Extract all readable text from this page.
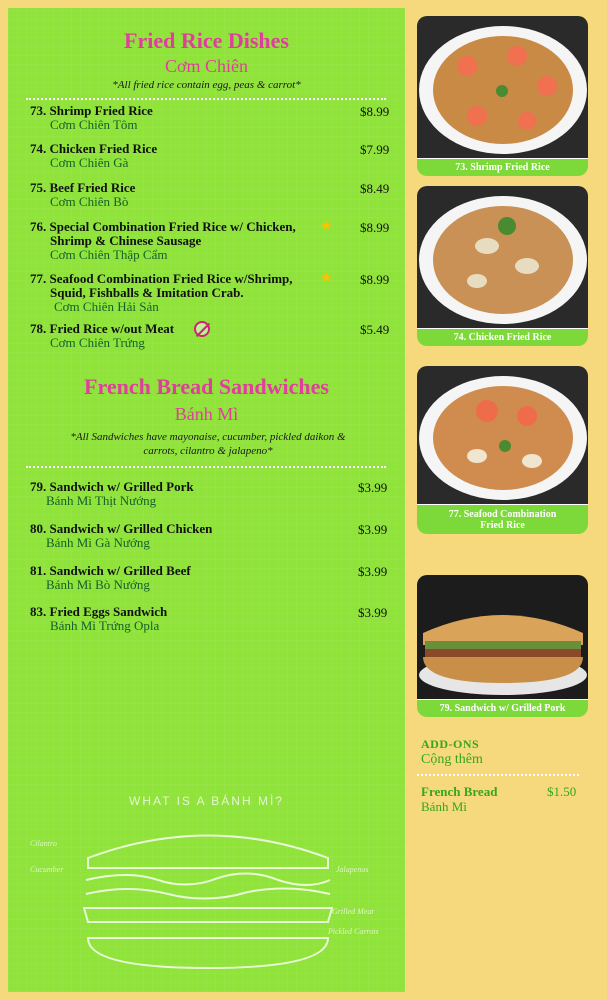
Fried Rice Dishes
Cơm Chiên
*All fried rice contain egg, peas & carrot*
73. Shrimp Fried Rice
Cơm Chiên Tôm
$8.99
74. Chicken Fried Rice
Cơm Chiên Gà
$7.99
75. Beef Fried Rice
Cơm Chiên Bò
$8.49
76. Special Combination Fried Rice w/ Chicken,
Shrimp & Chinese Sausage
Cơm Chiên Thập Cẩm
★ $8.99
77. Seafood Combination Fried Rice w/Shrimp,
Squid, Fishballs & Imitation Crab.
Cơm Chiên Hải Sản
★ $8.99
78. Fried Rice w/out Meat
Cơm Chiên Trứng
$5.49
French Bread Sandwiches
Bánh Mì
*All Sandwiches have mayonaise, cucumber, pickled daikon &
carrots, cilantro & jalapeno*
79. Sandwich w/ Grilled Pork
Bánh Mì Thịt Nướng
$3.99
80. Sandwich w/ Grilled Chicken
Bánh Mì Gà Nướng
$3.99
81. Sandwich w/ Grilled Beef
Bánh Mì Bò Nướng
$3.99
83. Fried Eggs Sandwich
Bánh Mì Trứng Opla
$3.99
WHAT IS A BÁNH MÌ?
Cilantro
Cucumber	Jalapenos
Grilled Meat
Pickled Carrots
73. Shrimp Fried Rice
74. Chicken Fried Rice
77. Seafood Combination
Fried Rice
79. Sandwich w/ Grilled Pork
ADD-ONS
Cộng thêm
French Bread	$1.50
Bánh Mì
